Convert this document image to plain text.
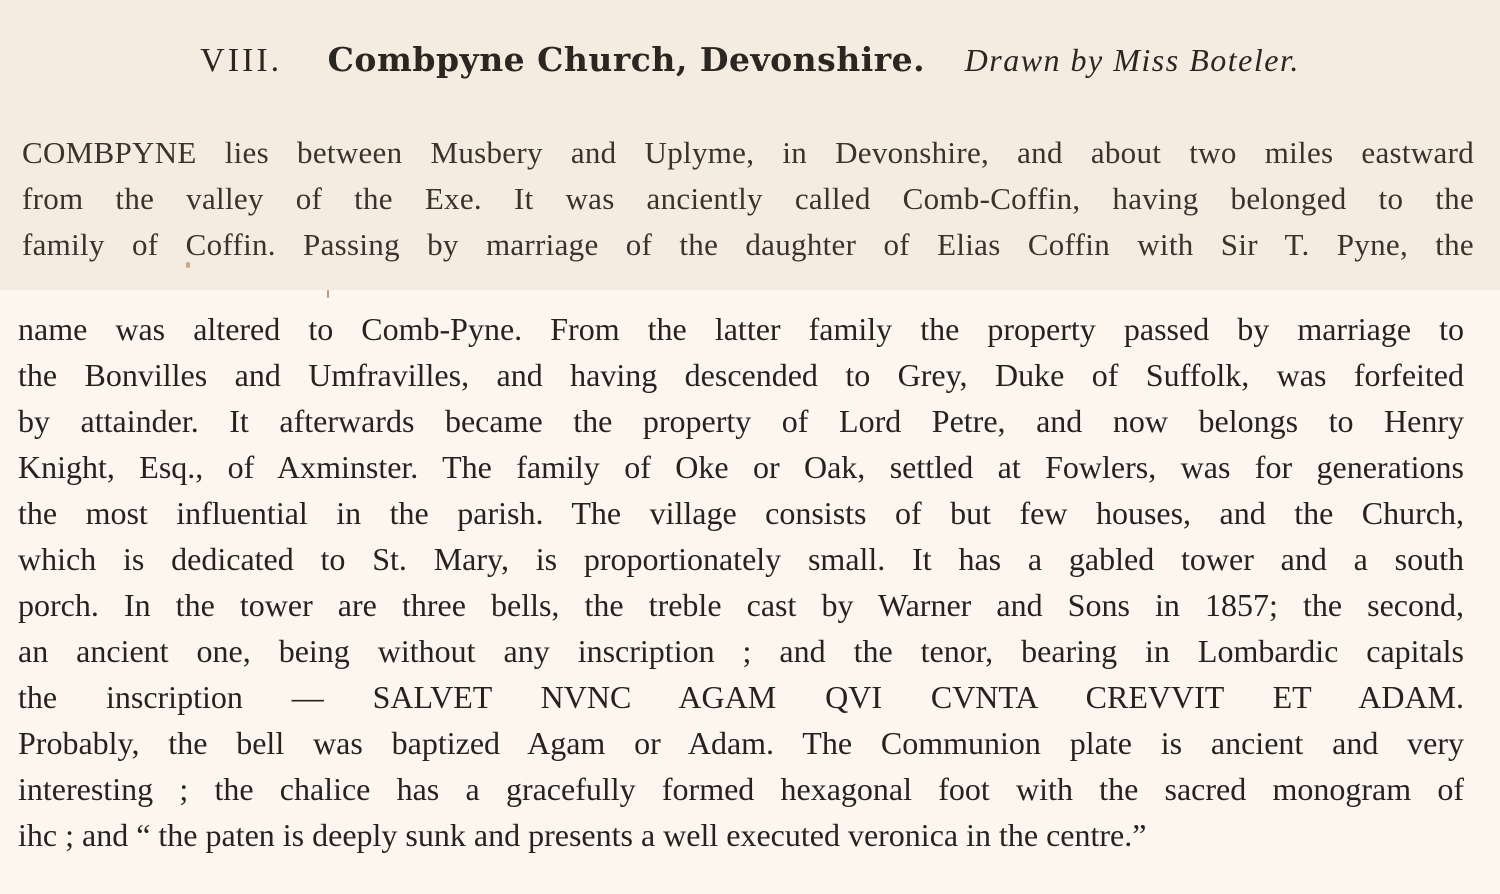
VIII. Combpyne Church, Devonshire. Drawn by Miss Boteler.
COMBPYNE lies between Musbery and Uplyme, in Devonshire, and about two miles eastward
from the valley of the Exe. It was anciently called Comb-Coffin, having belonged to the
family of Coffin. Passing by marriage of the daughter of Elias Coffin with Sir T. Pyne, the
name was altered to Comb-Pyne. From the latter family the property passed by marriage to
the Bonvilles and Umfravilles, and having descended to Grey, Duke of Suffolk, was forfeited
by attainder. It afterwards became the property of Lord Petre, and now belongs to Henry
Knight, Esq., of Axminster. The family of Oke or Oak, settled at Fowlers, was for generations
the most influential in the parish. The village consists of but few houses, and the Church,
which is dedicated to St. Mary, is proportionately small. It has a gabled tower and a south
porch. In the tower are three bells, the treble cast by Warner and Sons in 1857; the second,
an ancient one, being without any inscription ; and the tenor, bearing in Lombardic capitals
the inscription — SALVET NVNC AGAM QVI CVNTA CREVVIT ET ADAM.
Probably, the bell was baptized Agam or Adam. The Communion plate is ancient and very
interesting ; the chalice has a gracefully formed hexagonal foot with the sacred monogram of
ihc ; and “ the paten is deeply sunk and presents a well executed veronica in the centre.”
